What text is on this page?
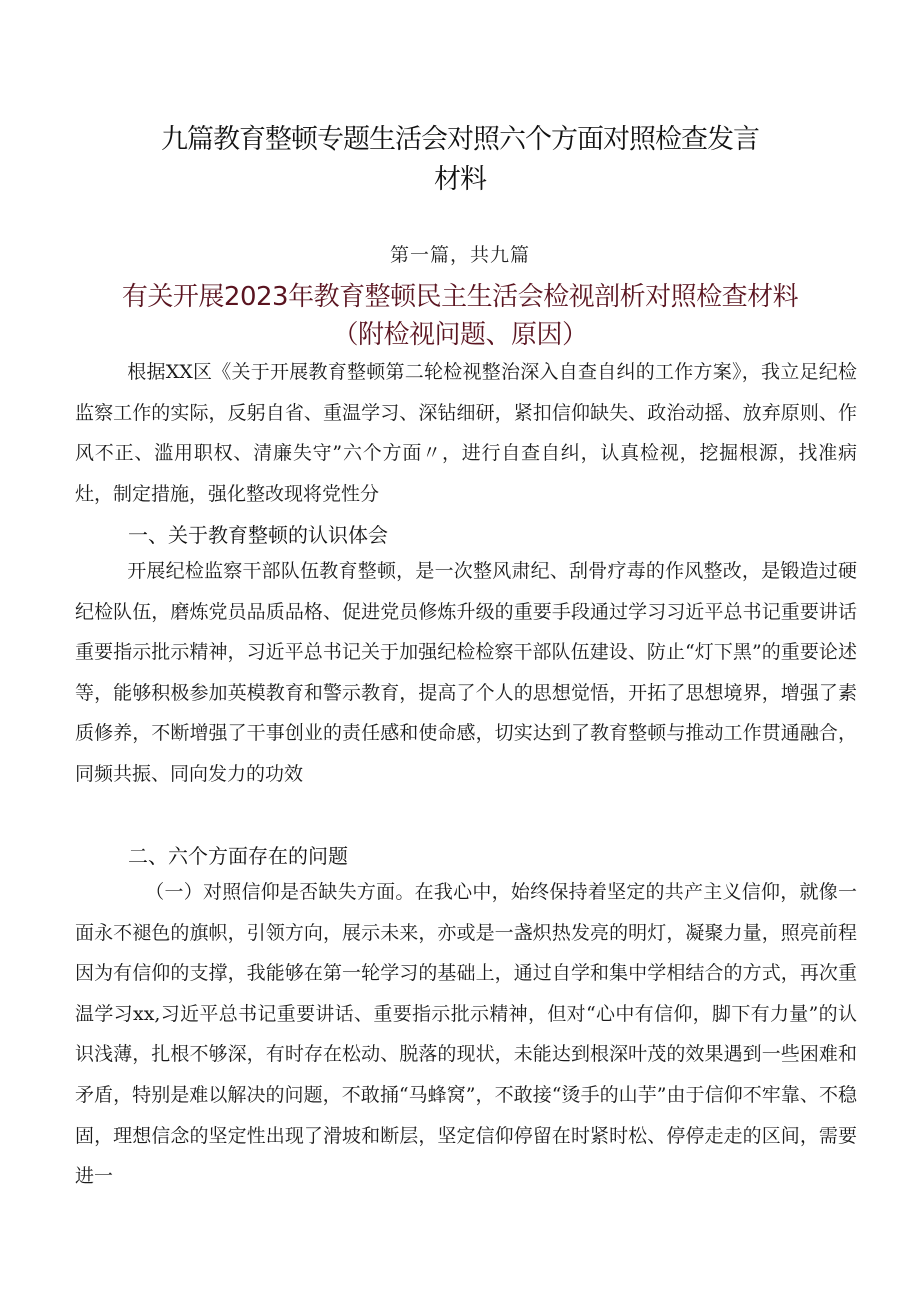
九篇教育整顿专题生活会对照六个方面对照检查发言
材料
第一篇，共九篇
有关开展2023年教育整顿民主生活会检视剖析对照检查材料
（附检视问题、原因）

根据XX区《关于开展教育整顿第二轮检视整治深入自查自纠的工作方案》，我立足纪检监察工作的实际，反躬自省、重温学习、深钻细研，紧扣信仰缺失、政治动摇、放弃原则、作风不正、滥用职权、清廉失守”六个方面〃，进行自查自纠，认真检视，挖掘根源，找准病灶，制定措施，强化整改现将党性分

一、关于教育整顿的认识体会

开展纪检监察干部队伍教育整顿，是一次整风肃纪、刮骨疗毒的作风整改，是锻造过硬纪检队伍，磨炼党员品质品格、促进党员修炼升级的重要手段通过学习习近平总书记重要讲话重要指示批示精神，习近平总书记关于加强纪检检察干部队伍建设、防止“灯下黑”的重要论述等，能够积极参加英模教育和警示教育，提高了个人的思想觉悟，开拓了思想境界，增强了素质修养，不断增强了干事创业的责任感和使命感，切实达到了教育整顿与推动工作贯通融合，同频共振、同向发力的功效

二、六个方面存在的问题

（一）对照信仰是否缺失方面。在我心中，始终保持着坚定的共产主义信仰，就像一面永不褪色的旗帜，引领方向，展示未来，亦或是一盏炽热发亮的明灯，凝聚力量，照亮前程因为有信仰的支撑，我能够在第一轮学习的基础上，通过自学和集中学相结合的方式，再次重温学习xx,习近平总书记重要讲话、重要指示批示精神，但对“心中有信仰，脚下有力量”的认识浅薄，扎根不够深，有时存在松动、脱落的现状，未能达到根深叶茂的效果遇到一些困难和矛盾，特别是难以解决的问题，不敢捅“马蜂窝”，不敢接“烫手的山芋”由于信仰不牢靠、不稳固，理想信念的坚定性出现了滑坡和断层，坚定信仰停留在时紧时松、停停走走的区间，需要进一
